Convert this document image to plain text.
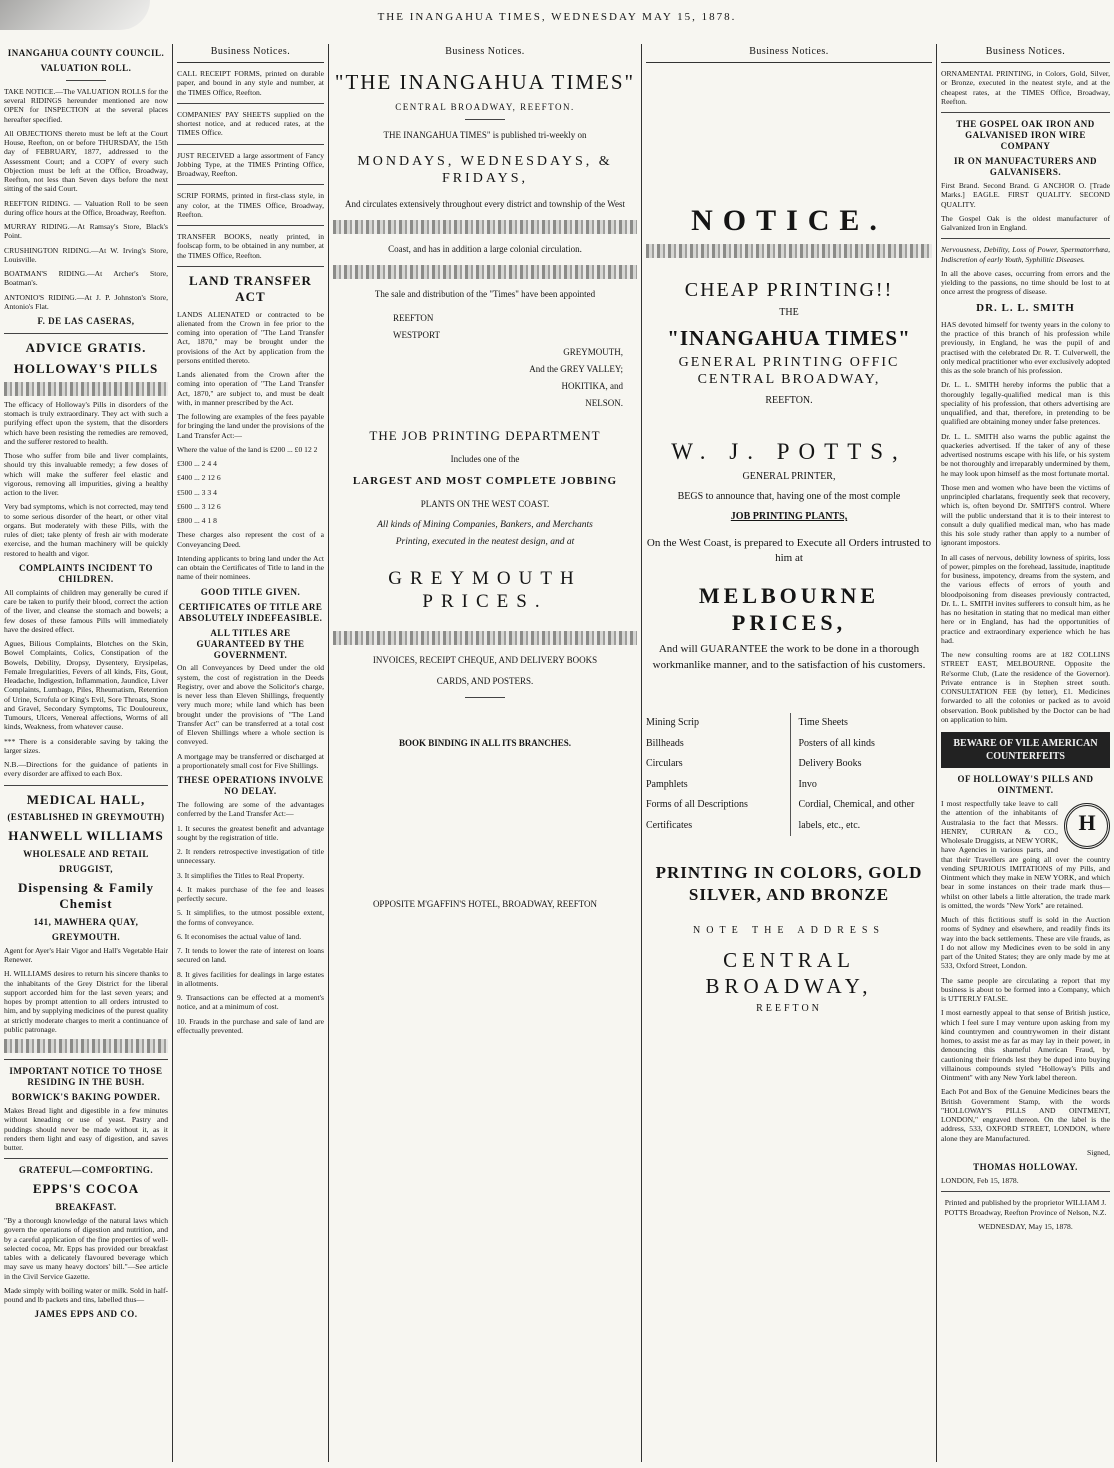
THE INANGAHUA TIMES, WEDNESDAY MAY 15, 1878.
INANGAHUA COUNTY COUNCIL.
VALUATION ROLL.

TAKE NOTICE.—The VALUATION ROLLS for the several RIDINGS hereunder mentioned are now OPEN for INSPECTION at the several places hereafter specified.

All OBJECTIONS thereto must be left at the Court House, Reefton, on or before THURSDAY, the 15th day of FEBRUARY, 1877, addressed to the Assessment Court; and a COPY of every such Objection must be left at the Office, Broadway, Reefton, not less than Seven days before the next sitting of the said Court.

REEFTON RIDING. — Valuation Roll to be seen during office hours at the Office, Broadway, Reefton.

MURRAY RIDING.—At Ramsay's Store, Black's Point.

CRUSHINGTON RIDING.—At W. Irving's Store, Louisville.

BOATMAN'S RIDING.—At Archer's Store, Boatman's.

ANTONIO'S RIDING.—At J. P. Johnston's Store, Antonio's Flat.

F. DE LAS CASERAS,
ADVICE GRATIS.
HOLLOWAY'S PILLS

The efficacy of Holloway's Pills in disorders of the stomach is truly extraordinary. They act with such a purifying effect upon the system, that the disorders which have been resisting the remedies are removed, and the sufferer restored to health.

Those who suffer from bile and liver complaints, should try this invaluable remedy; a few doses of which will make the sufferer feel elastic and vigorous, removing all impurities, giving a healthy action to the liver.

Very bad symptoms, which is not corrected, may tend to some serious disorder of the heart, or other vital organs. But moderately with these Pills, with the rules of diet; take plenty of fresh air with moderate exercise, and the human machinery will be quickly restored to health and vigor.

COMPLAINTS INCIDENT TO CHILDREN.

All complaints of children may generally be cured if care be taken to purify their blood, correct the action of the liver, and cleanse the stomach and bowels; a few doses of these famous Pills will immediately have the desired effect.

Agues, Bilious Complaints, Blotches on the Skin, Bowel Complaints, Colics, Constipation of the Bowels, Debility, Dropsy, Dysentery, Erysipelas, Female Irregularities, Fevers of all kinds, Fits, Gout, Headache, Indigestion, Inflammation, Jaundice, Liver Complaints, Lumbago, Piles, Rheumatism, Retention of Urine, Scrofula or King's Evil, Sore Throats, Stone and Gravel, Secondary Symptoms, Tic Douloureux, Tumours, Ulcers, Venereal affections, Worms of all kinds, Weakness, from whatever cause.

*** There is a considerable saving by taking the larger sizes.

N.B.—Directions for the guidance of patients in every disorder are affixed to each Box.

MEDICAL HALL,
(ESTABLISHED IN GREYMOUTH)
HANWELL WILLIAMS
WHOLESALE AND RETAIL
DRUGGIST,
Dispensing & Family Chemist
141, MAWHERA QUAY,
GREYMOUTH.

Agent for Ayer's Hair Vigor and Hall's Vegetable Hair Renewer.

H. WILLIAMS desires to return his sincere thanks to the inhabitants of the Grey District for the liberal support accorded him for the last seven years; and hopes by prompt attention to all orders intrusted to him, and by supplying medicines of the purest quality at strictly moderate charges to merit a continuance of public patronage.

IMPORTANT NOTICE TO THOSE RESIDING IN THE BUSH.
BORWICK'S BAKING POWDER.

Makes Bread light and digestible in a few minutes without kneading or use of yeast. Pastry and puddings should never be made without it, as it renders them light and easy of digestion, and saves butter.

GRATEFUL—COMFORTING.
EPPS'S COCOA
BREAKFAST.

"By a thorough knowledge of the natural laws which govern the operations of digestion and nutrition, and by a careful application of the fine properties of well-selected cocoa, Mr. Epps has provided our breakfast tables with a delicately flavoured beverage which may save us many heavy doctors' bill."—See article in the Civil Service Gazette.

Made simply with boiling water or milk. Sold in half-pound and lb packets and tins, labelled thus—

JAMES EPPS AND CO.
Business Notices.

CALL RECEIPT FORMS, printed on durable paper, and bound in any style and number, at the TIMES Office, Reefton.

COMPANIES' PAY SHEETS supplied on the shortest notice, and at reduced rates, at the TIMES Office.

JUST RECEIVED a large assortment of Fancy Jobbing Type, at the TIMES Printing Office, Broadway, Reefton.

SCRIP FORMS, printed in first-class style, in any color, at the TIMES Office, Broadway, Reefton.

TRANSFER BOOKS, neatly printed, in foolscap form, to be obtained in any number, at the TIMES Office, Reefton.

LAND TRANSFER ACT

LANDS ALIENATED or contracted to be alienated from the Crown in fee prior to the coming into operation of "The Land Transfer Act, 1870," may be brought under the provisions of the Act by application from the persons entitled thereto.

Lands alienated from the Crown after the coming into operation of "The Land Transfer Act, 1870," are subject to, and must be dealt with, in manner prescribed by the Act.

The following are examples of the fees payable for bringing the land under the provisions of the Land Transfer Act:—

Where the value of the land is £200 ... £0 12 2
£300 ... 2 4 4
£400 ... 2 12 6
£500 ... 3 3 4
£600 ... 3 12 6
£800 ... 4 1 8

These charges also represent the cost of a Conveyancing Deed.

Intending applicants to bring land under the Act can obtain the Certificates of Title to land in the name of their nominees.

GOOD TITLE GIVEN.
CERTIFICATES OF TITLE ARE ABSOLUTELY INDEFEASIBLE.
ALL TITLES ARE GUARANTEED BY THE GOVERNMENT.

On all Conveyances by Deed under the old system, the cost of registration in the Deeds Registry, over and above the Solicitor's charge, is never less than Eleven Shillings, frequently very much more; while land which has been brought under the provisions of "The Land Transfer Act" can be transferred at a total cost of Eleven Shillings where a whole section is conveyed.

A mortgage may be transferred or discharged at a proportionately small cost for Five Shillings.

THESE OPERATIONS INVOLVE NO DELAY.

The following are some of the advantages conferred by the Land Transfer Act:—

1. It secures the greatest benefit and advantage sought by the registration of title.
2. It renders retrospective investigation of title unnecessary.
3. It simplifies the Titles to Real Property.
4. It makes purchase of the fee and leases perfectly secure.
5. It simplifies, to the utmost possible extent, the forms of conveyance.
6. It economises the actual value of land.
7. It tends to lower the rate of interest on loans secured on land.
8. It gives facilities for dealings in large estates in allotments.
9. Transactions can be effected at a moment's notice, and at a minimum of cost.
10. Frauds in the purchase and sale of land are effectually prevented.
Business Notices.
"THE INANGAHUA TIMES"
CENTRAL BROADWAY, REEFTON.
THE INANGAHUA TIMES" is published tri-weekly on
MONDAYS, WEDNESDAYS, & FRIDAYS,
And circulates extensively throughout every district and township of the West
Coast, and has in addition a large colonial circulation.
The sale and distribution of the "Times" have been appointed
REEFTON
WESTPORT
GREYMOUTH,
And the GREY VALLEY;
HOKITIKA, and
NELSON.
THE JOB PRINTING DEPARTMENT
Includes one of the
LARGEST AND MOST COMPLETE JOBBING
PLANTS ON THE WEST COAST.
All kinds of Mining Companies, Bankers, and Merchants
Printing, executed in the neatest design, and at
GREYMOUTH PRICES.
INVOICES, RECEIPT CHEQUE, AND DELIVERY BOOKS
CARDS, AND POSTERS.
BOOK BINDING IN ALL ITS BRANCHES.
OPPOSITE M'GAFFIN'S HOTEL, BROADWAY, REEFTON
Business Notices.
NOTICE.
CHEAP PRINTING!!
THE
"INANGAHUA TIMES"
GENERAL PRINTING OFFIC
CENTRAL BROADWAY,
REEFTON.
W. J. POTTS,
GENERAL PRINTER,
BEGS to announce that, having one of the most comple
JOB PRINTING PLANTS,
On the West Coast, is prepared to Execute all Orders intrusted to him at
MELBOURNE PRICES,
And will GUARANTEE the work to be done in a thorough workmanlike manner, and to the satisfaction of his customers.
Mining Scrip
Billheads
Circulars
Pamphlets
Forms of all Descriptions
Certificates
Time Sheets
Posters of all kinds
Delivery Books
Invo
Cordial, Chemical, and other
labels, etc., etc.
PRINTING IN COLORS, GOLD SILVER, AND BRONZE
NOTE THE ADDRESS
CENTRAL BROADWAY,
REEFTON
Business Notices.

ORNAMENTAL PRINTING, in Colors, Gold, Silver, or Bronze, executed in the neatest style, and at the cheapest rates, at the TIMES Office, Broadway, Reefton.

THE GOSPEL OAK IRON AND GALVANISED IRON WIRE COMPANY
IR ON MANUFACTURERS AND GALVANISERS.

First Brand. Second Brand. G ANCHOR O. [Trade Marks.] EAGLE. FIRST QUALITY. SECOND QUALITY.

The Gospel Oak is the oldest manufacturer of Galvanized Iron in England.

Nervousness, Debility, Loss of Power, Spermatorrhœa, Indiscretion of early Youth, Syphilitic Diseases.

In all the above cases, occurring from errors and the yielding to the passions, no time should be lost to at once arrest the progress of disease.

DR. L. L. SMITH

HAS devoted himself for twenty years in the colony to the practice of this branch of his profession while previously, in England, he was the pupil of and practised with the celebrated Dr. R. T. Culverwell, the only medical practitioner who ever exclusively adopted this as the sole branch of his profession.

Dr. L. L. SMITH hereby informs the public that a thoroughly legally-qualified medical man is this speciality of his profession, that others advertising are unqualified, and that, therefore, in pretending to be qualified are obtaining money under false pretences.

Dr. L. L. SMITH also warns the public against the quackeries advertised. If the taker of any of these advertised nostrums escape with his life, or his system be not thoroughly and irreparably undermined by them, he may look upon himself as the most fortunate mortal.

Those men and women who have been the victims of unprincipled charlatans, frequently seek that recovery, which is, often beyond Dr. SMITH'S control. Where will the public understand that it is to their interest to consult a duly qualified medical man, who has made this his sole study rather than apply to a number of ignorant impostors.

In all cases of nervous, debility lowness of spirits, loss of power, pimples on the forehead, lassitude, inaptitude for business, impotency, dreams from the system, and the various effects of errors of youth and bloodpoisoning from diseases previously contracted, Dr. L. L. SMITH invites sufferers to consult him, as he has no hesitation in stating that no medical man either here or in England, has had the opportunities of practice and extraordinary experience which he has had.

The new consulting rooms are at 182 COLLINS STREET EAST, MELBOURNE. Opposite the Re'sorme Club, (Late the residence of the Governor). Private entrance is in Stephen street south. CONSULTATION FEE (by letter), £1. Medicines forwarded to all the colonies or packed as to avoid observation. Book published by the Doctor can be had on application to him.

BEWARE OF VILE AMERICAN COUNTERFEITS
OF HOLLOWAY'S PILLS AND OINTMENT.
H

I most respectfully take leave to call the attention of the inhabitants of Australasia to the fact that Messrs. HENRY, CURRAN & CO., Wholesale Druggists, at NEW YORK, have Agencies in various parts, and that their Travellers are going all over the country vending SPURIOUS IMITATIONS of my Pills, and Ointment which they make in NEW YORK, and which bear in some instances on their trade mark thus— whilst on other labels a little alteration, the trade mark is omitted, the words "New York" are retained.

Much of this fictitious stuff is sold in the Auction rooms of Sydney and elsewhere, and readily finds its way into the back settlements. These are vile frauds, as I do not allow my Medicines even to be sold in any part of the United States; they are only made by me at 533, Oxford Street, London.

The same people are circulating a report that my business is about to be formed into a Company, which is UTTERLY FALSE.

I most earnestly appeal to that sense of British justice, which I feel sure I may venture upon asking from my kind countrymen and countrywomen in their distant homes, to assist me as far as may lay in their power, in denouncing this shameful American Fraud, by cautioning their friends lest they be duped into buying villainous compounds styled "Holloway's Pills and Ointment" with any New York label thereon.

Each Pot and Box of the Genuine Medicines bears the British Government Stamp, with the words "HOLLOWAY'S PILLS AND OINTMENT, LONDON," engraved thereon. On the label is the address, 533, OXFORD STREET, LONDON, where alone they are Manufactured.

Signed,
THOMAS HOLLOWAY.
LONDON, Feb 15, 1878.

Printed and published by the proprietor WILLIAM J. POTTS Broadway, Reefton Province of Nelson, N.Z.

WEDNESDAY, May 15, 1878.
